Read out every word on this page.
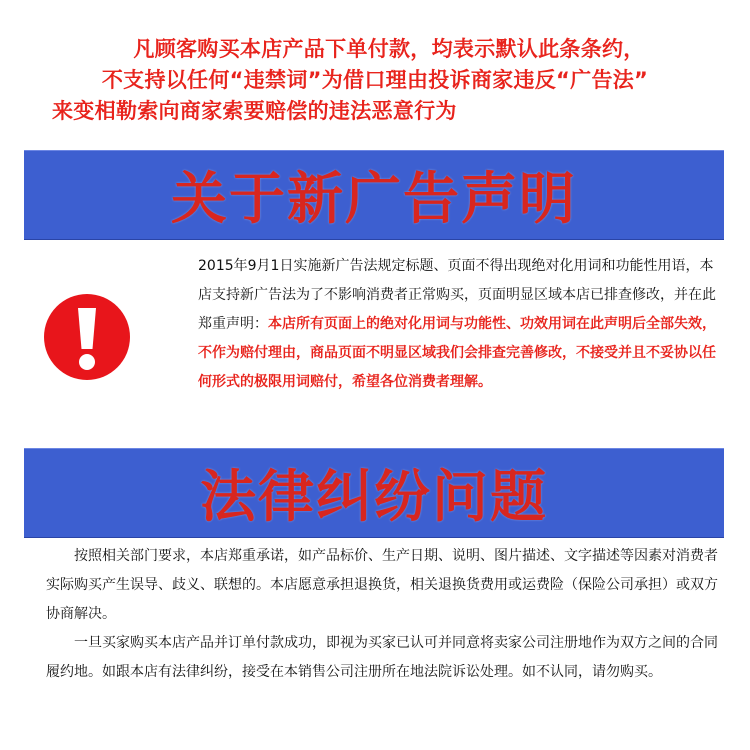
凡顾客购买本店产品下单付款，均表示默认此条条约，
不支持以任何“违禁词”为借口理由投诉商家违反“广告法”
来变相勒索向商家索要赔偿的违法恶意行为
关于新广告声明
2015年9月1日实施新广告法规定标题、页面不得出现绝对化用词和功能性用语，本店支持新广告法为了不影响消费者正常购买，页面明显区域本店已排查修改，并在此郑重声明：本店所有页面上的绝对化用词与功能性、功效用词在此声明后全部失效，不作为赔付理由，商品页面不明显区域我们会排查完善修改，不接受并且不妥协以任何形式的极限用词赔付，希望各位消费者理解。
法律纠纷问题
按照相关部门要求，本店郑重承诺，如产品标价、生产日期、说明、图片描述、文字描述等因素对消费者实际购买产生误导、歧义、联想的。本店愿意承担退换货，相关退换货费用或运费险（保险公司承担）或双方协商解决。
一旦买家购买本店产品并订单付款成功，即视为买家已认可并同意将卖家公司注册地作为双方之间的合同履约地。如跟本店有法律纠纷，接受在本销售公司注册所在地法院诉讼处理。如不认同，请勿购买。
